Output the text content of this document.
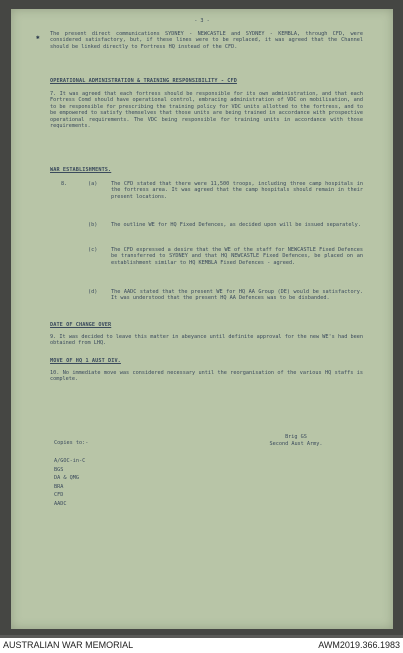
✱
- 3 -
The present direct communications SYDNEY - NEWCASTLE and SYDNEY - KEMBLA, through CFD, were considered satisfactory, but, if these lines were to be replaced, it was agreed that the Channel should be linked directly to Fortress HQ instead of the CFD.
OPERATIONAL ADMINISTRATION & TRAINING RESPONSIBILITY - CFD
7. It was agreed that each fortress should be responsible for its own administration, and that each Fortress Comd should have operational control, embracing administration of VDC on mobilisation, and to be responsible for prescribing the training policy for VDC units allotted to the fortress, and to be empowered to satisfy themselves that those units are being trained in accordance with prospective operational requirements. The VDC being responsible for training units in accordance with those requirements.
WAR ESTABLISHMENTS.
8.	(a)	The CFD stated that there were 11,500 troops, including three camp hospitals in the fortress area. It was agreed that the camp hospitals should remain in their present locations.
(b)	The outline WE for HQ Fixed Defences, as decided upon will be issued separately.
(c)	The CFD expressed a desire that the WE of the staff for NEWCASTLE Fixed Defences be transferred to SYDNEY and that HQ NEWCASTLE Fixed Defences, be placed on an establishment similar to HQ KEMBLA Fixed Defences - agreed.
(d)	The AADC stated that the present WE for HQ AA Group (DE) would be satisfactory. It was understood that the present HQ AA Defences was to be disbanded.
DATE OF CHANGE OVER
9. It was decided to leave this matter in abeyance until definite approval for the new WE's had been obtained from LHQ.
MOVE OF HQ 1 AUST DIV.
10. No immediate move was considered necessary until the reorganisation of the various HQ staffs is complete.
Brig GS
Second Aust Army.
Copies to:-
A/GOC-in-C
BGS
DA & QMG
BRA
CFD
AADC
AUSTRALIAN WAR MEMORIAL	AWM2019.366.1983
